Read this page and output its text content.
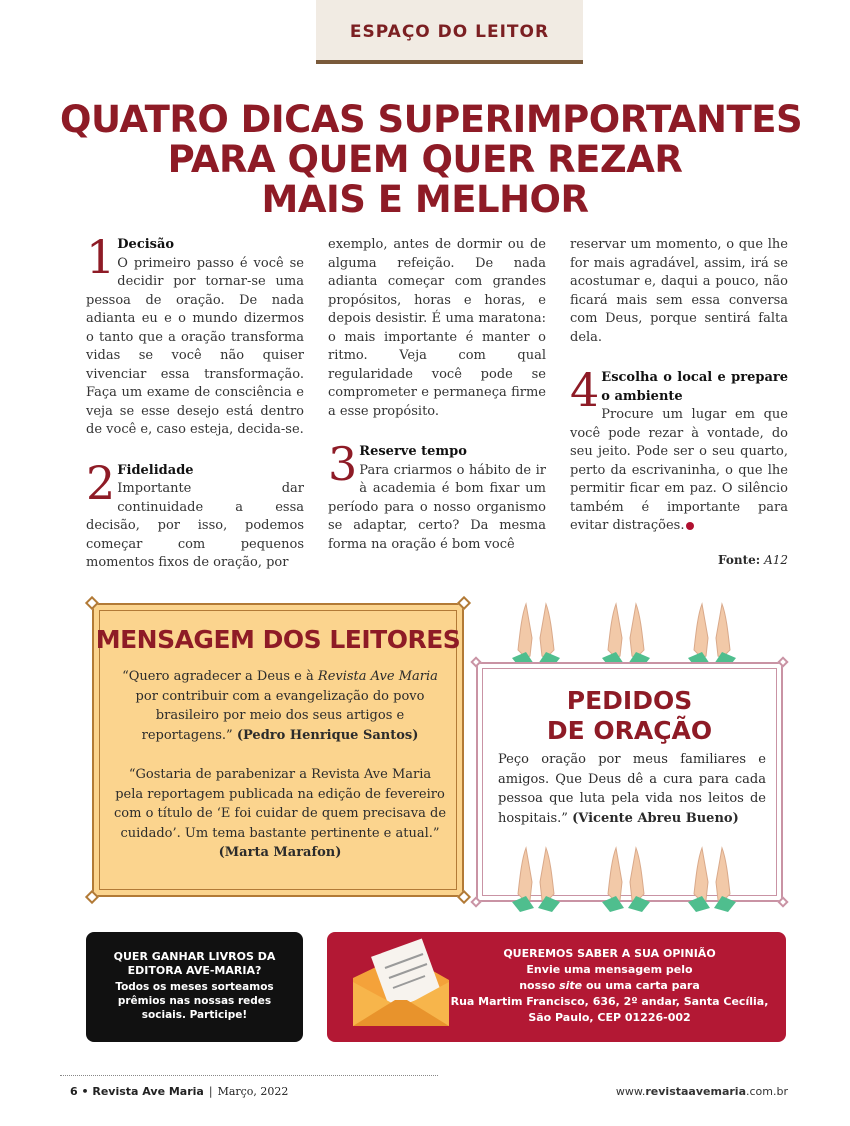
ESPAÇO DO LEITOR
QUATRO DICAS SUPERIMPORTANTES
PARA QUEM QUER REZAR
MAIS E MELHOR
1 Decisão
O primeiro passo é você se decidir por tornar-se uma pessoa de oração. De nada adianta eu e o mundo dizermos o tanto que a oração transforma vidas se você não quiser vivenciar essa transformação. Faça um exame de consciência e veja se esse desejo está dentro de você e, caso esteja, decida-se.
2 Fidelidade
Importante dar continuidade a essa decisão, por isso, podemos começar com pequenos momentos fixos de oração, por

exemplo, antes de dormir ou de alguma refeição. De nada adianta começar com grandes propósitos, horas e horas, e depois desistir. É uma maratona: o mais importante é manter o ritmo. Veja com qual regularidade você pode se comprometer e permaneça firme a esse propósito.

3 Reserve tempo
Para criarmos o hábito de ir à academia é bom fixar um período para o nosso organismo se adaptar, certo? Da mesma forma na oração é bom você

reservar um momento, o que lhe for mais agradável, assim, irá se acostumar e, daqui a pouco, não ficará mais sem essa conversa com Deus, porque sentirá falta dela.

4 Escolha o local e prepare o ambiente
Procure um lugar em que você pode rezar à vontade, do seu jeito. Pode ser o seu quarto, perto da escrivaninha, o que lhe permitir ficar em paz. O silêncio também é importante para evitar distrações.
Fonte: A12
MENSAGEM DOS LEITORES
“Quero agradecer a Deus e à Revista Ave Maria por contribuir com a evangelização do povo brasileiro por meio dos seus artigos e reportagens.” (Pedro Henrique Santos)
“Gostaria de parabenizar a Revista Ave Maria pela reportagem publicada na edição de fevereiro com o título de ‘E foi cuidar de quem precisava de cuidado’. Um tema bastante pertinente e atual.” (Marta Marafon)
PEDIDOS
DE ORAÇÃO
Peço oração por meus familiares e amigos. Que Deus dê a cura para cada pessoa que luta pela vida nos leitos de hospitais.” (Vicente Abreu Bueno)
QUER GANHAR LIVROS DA
EDITORA AVE-MARIA?
Todos os meses sorteamos
prêmios nas nossas redes
sociais. Participe!
QUEREMOS SABER A SUA OPINIÃO
Envie uma mensagem pelo
nosso site ou uma carta para
Rua Martim Francisco, 636, 2º andar, Santa Cecília,
São Paulo, CEP 01226-002
6 • Revista Ave Maria | Março, 2022	www.revistaavemaria.com.br
